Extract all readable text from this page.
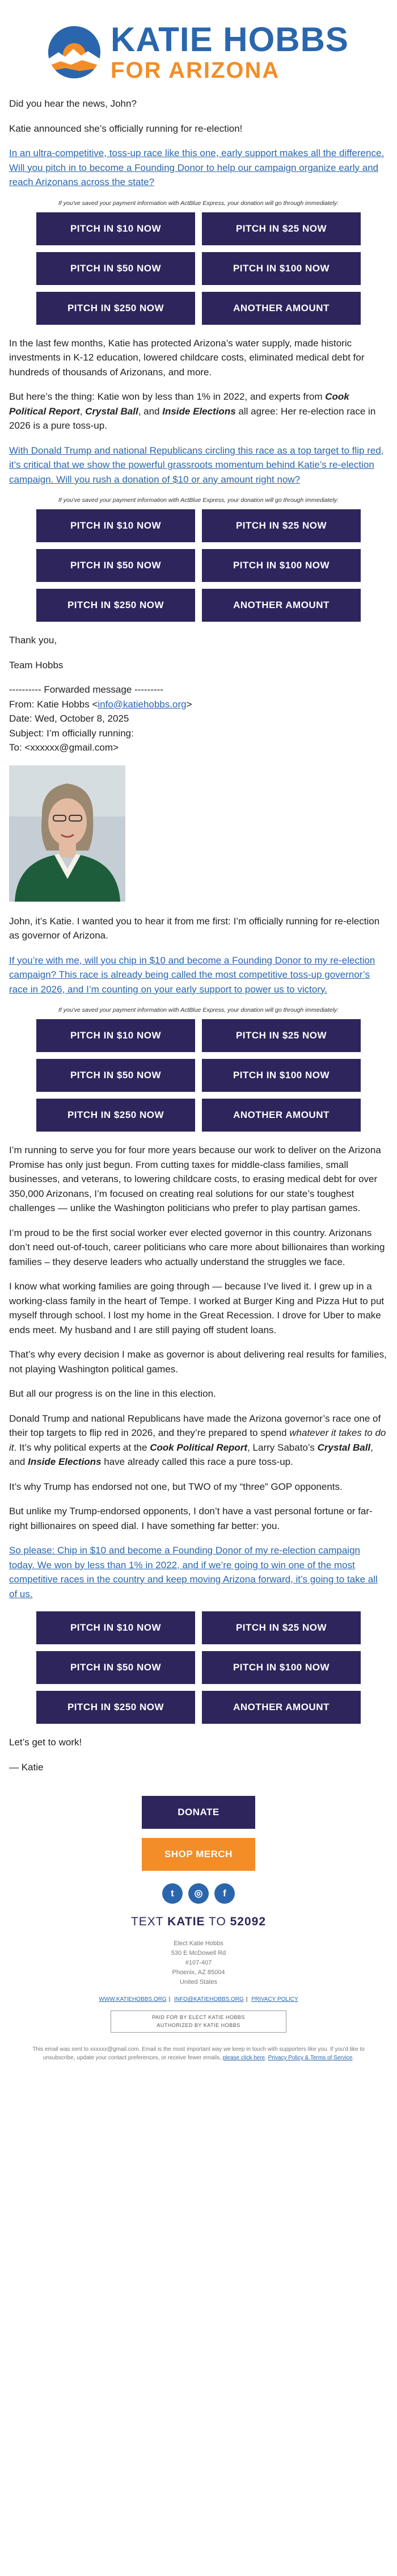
KATIE HOBBS
FOR ARIZONA

Did you hear the news, John?

Katie announced she’s officially running for re-election!

In an ultra-competitive, toss-up race like this one, early support makes all the difference. Will you pitch in to become a Founding Donor to help our campaign organize early and reach Arizonans across the state?

If you've saved your payment information with ActBlue Express, your donation will go through immediately:
PITCH IN $10 NOW	PITCH IN $25 NOW
PITCH IN $50 NOW	PITCH IN $100 NOW
PITCH IN $250 NOW	ANOTHER AMOUNT

In the last few months, Katie has protected Arizona’s water supply, made historic investments in K-12 education, lowered childcare costs, eliminated medical debt for hundreds of thousands of Arizonans, and more.

But here’s the thing: Katie won by less than 1% in 2022, and experts from Cook Political Report, Crystal Ball, and Inside Elections all agree: Her re-election race in 2026 is a pure toss-up.

With Donald Trump and national Republicans circling this race as a top target to flip red, it’s critical that we show the powerful grassroots momentum behind Katie’s re-election campaign. Will you rush a donation of $10 or any amount right now?

If you've saved your payment information with ActBlue Express, your donation will go through immediately:
PITCH IN $10 NOW	PITCH IN $25 NOW
PITCH IN $50 NOW	PITCH IN $100 NOW
PITCH IN $250 NOW	ANOTHER AMOUNT

Thank you,

Team Hobbs

---------- Forwarded message ---------

From: Katie Hobbs <info@katiehobbs.org>

Date: Wed, October 8, 2025

Subject: I’m officially running:

To: <xxxxxx@gmail.com>

John, it’s Katie. I wanted you to hear it from me first: I’m officially running for re-election as governor of Arizona.

If you’re with me, will you chip in $10 and become a Founding Donor to my re-election campaign? This race is already being called the most competitive toss-up governor’s race in 2026, and I’m counting on your early support to power us to victory.

If you've saved your payment information with ActBlue Express, your donation will go through immediately:
PITCH IN $10 NOW	PITCH IN $25 NOW
PITCH IN $50 NOW	PITCH IN $100 NOW
PITCH IN $250 NOW	ANOTHER AMOUNT

I’m running to serve you for four more years because our work to deliver on the Arizona Promise has only just begun. From cutting taxes for middle-class families, small businesses, and veterans, to lowering childcare costs, to erasing medical debt for over 350,000 Arizonans, I’m focused on creating real solutions for our state’s toughest challenges — unlike the Washington politicians who prefer to play partisan games.

I’m proud to be the first social worker ever elected governor in this country. Arizonans don’t need out-of-touch, career politicians who care more about billionaires than working families – they deserve leaders who actually understand the struggles we face.

I know what working families are going through — because I’ve lived it. I grew up in a working-class family in the heart of Tempe. I worked at Burger King and Pizza Hut to put myself through school. I lost my home in the Great Recession. I drove for Uber to make ends meet. My husband and I are still paying off student loans.

That’s why every decision I make as governor is about delivering real results for families, not playing Washington political games.

But all our progress is on the line in this election.

Donald Trump and national Republicans have made the Arizona governor’s race one of their top targets to flip red in 2026, and they’re prepared to spend whatever it takes to do it. It’s why political experts at the Cook Political Report, Larry Sabato’s Crystal Ball, and Inside Elections have already called this race a pure toss-up.

It’s why Trump has endorsed not one, but TWO of my “three” GOP opponents.

But unlike my Trump-endorsed opponents, I don’t have a vast personal fortune or far-right billionaires on speed dial. I have something far better: you.

So please: Chip in $10 and become a Founding Donor of my re-election campaign today. We won by less than 1% in 2022, and if we’re going to win one of the most competitive races in the country and keep moving Arizona forward, it’s going to take all of us.

PITCH IN $10 NOW	PITCH IN $25 NOW
PITCH IN $50 NOW	PITCH IN $100 NOW
PITCH IN $250 NOW	ANOTHER AMOUNT

Let’s get to work!

— Katie

DONATE
SHOP MERCH
t	◎	f
TEXT KATIE TO 52092
Elect Katie Hobbs
530 E McDowell Rd
#107-407
Phoenix, AZ 85004
United States
WWW.KATIEHOBBS.ORG | INFO@KATIEHOBBS.ORG | PRIVACY POLICY
PAID FOR BY ELECT KATIE HOBBS
AUTHORIZED BY KATIE HOBBS
This email was sent to xxxxxx@gmail.com. Email is the most important way we keep in touch with supporters like you. If you'd like to unsubscribe, update your contact preferences, or receive fewer emails, please click here. Privacy Policy & Terms of Service.
